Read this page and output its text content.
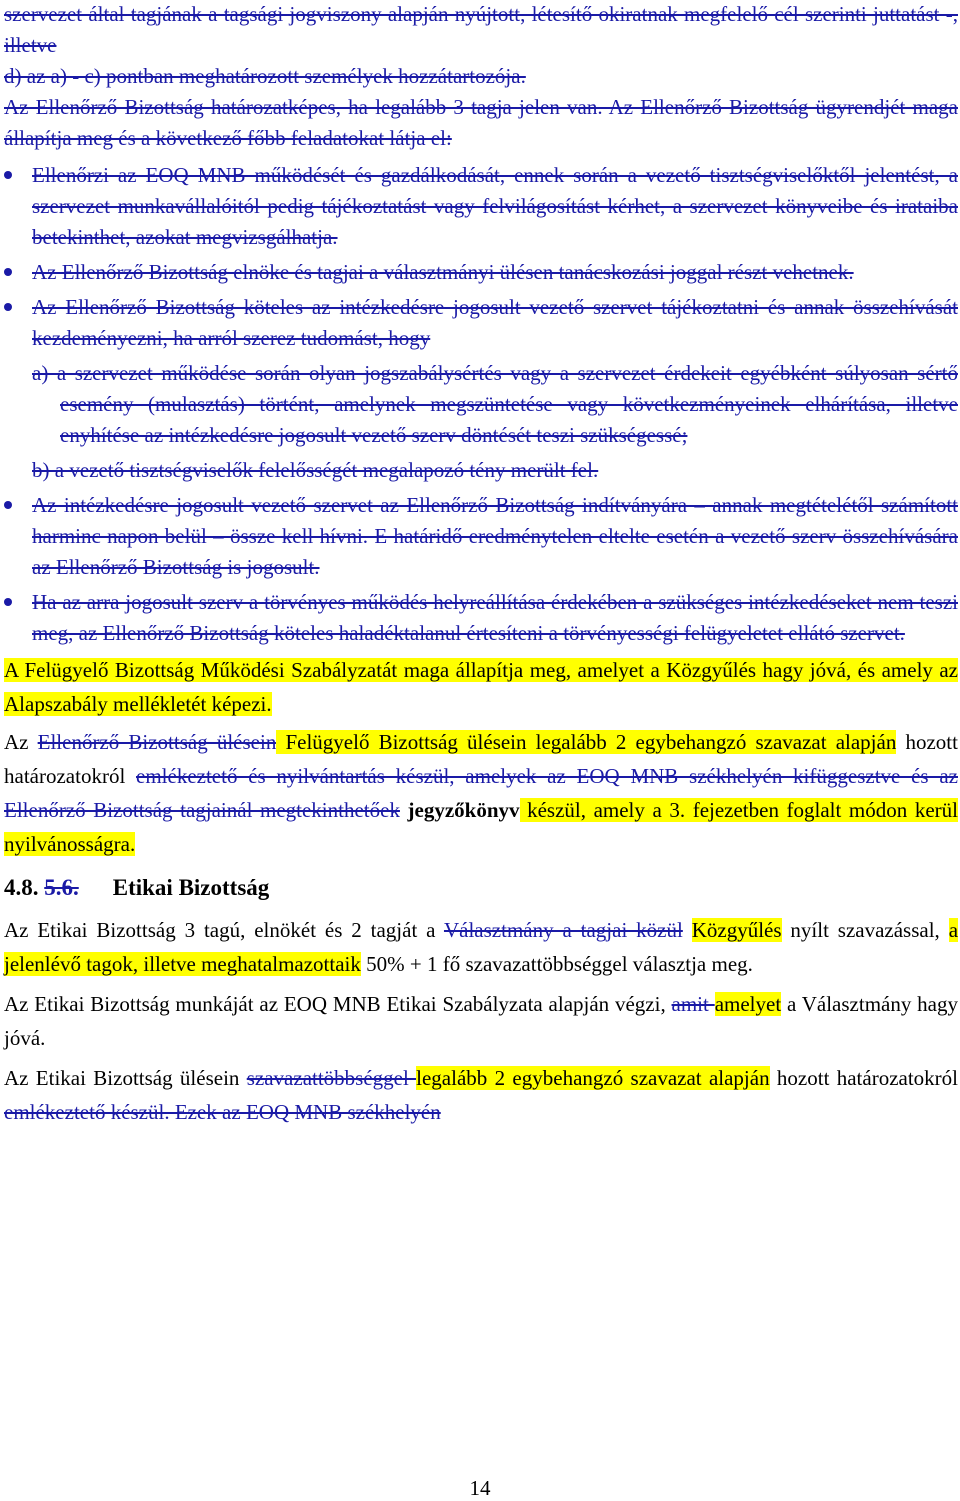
szervezet által tagjának a tagsági jogviszony alapján nyújtott, létesítő okiratnak megfelelő cél szerinti juttatást -, illetve

d) az a) - c) pontban meghatározott személyek hozzátartozója.

Az Ellenőrző Bizottság határozatképes, ha legalább 3 tagja jelen van. Az Ellenőrző Bizottság ügyrendjét maga állapítja meg és a következő főbb feladatokat látja el:

Ellenőrzi az EOQ MNB működését és gazdálkodását, ennek során a vezető tisztségviselőktől jelentést, a szervezet munkavállalóitól pedig tájékoztatást vagy felvilágosítást kérhet, a szervezet könyveibe és irataiba betekinthet, azokat megvizsgálhatja.

Az Ellenőrző Bizottság elnöke és tagjai a választmányi ülésen tanácskozási joggal részt vehetnek.

Az Ellenőrző Bizottság köteles az intézkedésre jogosult vezető szervet tájékoztatni és annak összehívását kezdeményezni, ha arról szerez tudomást, hogy

a) a szervezet működése során olyan jogszabálysértés vagy a szervezet érdekeit egyébként súlyosan sértő esemény (mulasztás) történt, amelynek megszüntetése vagy következményeinek elhárítása, illetve enyhítése az intézkedésre jogosult vezető szerv döntését teszi szükségessé;

b) a vezető tisztségviselők felelősségét megalapozó tény merült fel.

Az intézkedésre jogosult vezető szervet az Ellenőrző Bizottság indítványára – annak megtételétől számított harminc napon belül – össze kell hívni. E határidő eredménytelen eltelte esetén a vezető szerv összehívására az Ellenőrző Bizottság is jogosult.

Ha az arra jogosult szerv a törvényes működés helyreállítása érdekében a szükséges intézkedéseket nem teszi meg, az Ellenőrző Bizottság köteles haladéktalanul értesíteni a törvényességi felügyeletet ellátó szervet.

A Felügyelő Bizottság Működési Szabályzatát maga állapítja meg, amelyet a Közgyűlés hagy jóvá, és amely az Alapszabály mellékletét képezi.

Az Ellenőrző Bizottság ülésein Felügyelő Bizottság ülésein legalább 2 egybehangzó szavazat alapján hozott határozatokról emlékeztető és nyilvántartás készül, amelyek az EOQ MNB székhelyén kifüggesztve és az Ellenőrző Bizottság tagjainál megtekinthetőek jegyzőkönyv készül, amely a 3. fejezetben foglalt módon kerül nyilvánosságra.

4.8. 5.6. Etikai Bizottság

Az Etikai Bizottság 3 tagú, elnökét és 2 tagját a Választmány a tagjai közül Közgyűlés nyílt szavazással, a jelenlévő tagok, illetve meghatalmazottaik 50% + 1 fő szavazattöbbséggel választja meg.

Az Etikai Bizottság munkáját az EOQ MNB Etikai Szabályzata alapján végzi, amit amelyet a Választmány hagy jóvá.

Az Etikai Bizottság ülésein szavazattöbbséggel legalább 2 egybehangzó szavazat alapján hozott határozatokról emlékeztető készül. Ezek az EOQ MNB székhelyén

14
